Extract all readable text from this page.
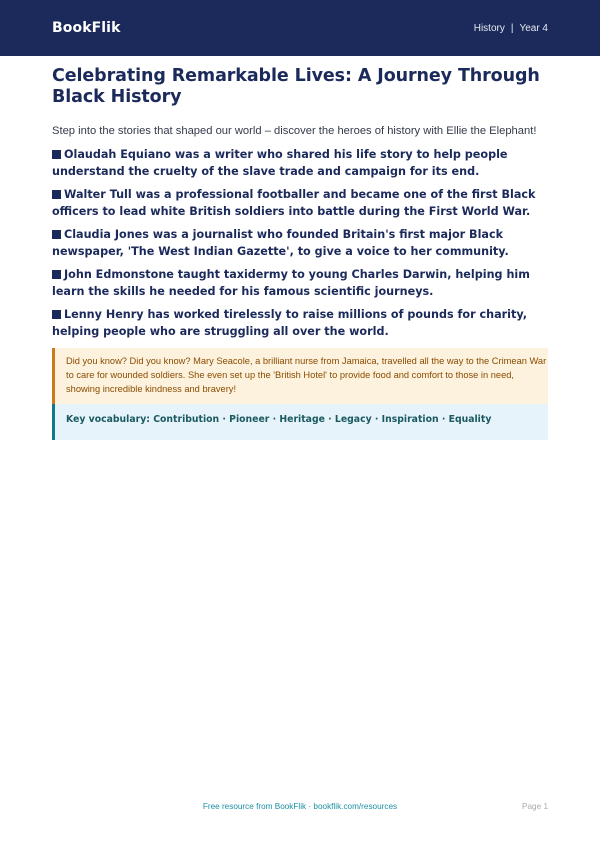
BookFlik	History | Year 4
Celebrating Remarkable Lives: A Journey Through Black History

Step into the stories that shaped our world – discover the heroes of history with Ellie the Elephant!

Olaudah Equiano was a writer who shared his life story to help people understand the cruelty of the slave trade and campaign for its end.
Walter Tull was a professional footballer and became one of the first Black officers to lead white British soldiers into battle during the First World War.
Claudia Jones was a journalist who founded Britain's first major Black newspaper, 'The West Indian Gazette', to give a voice to her community.
John Edmonstone taught taxidermy to young Charles Darwin, helping him learn the skills he needed for his famous scientific journeys.
Lenny Henry has worked tirelessly to raise millions of pounds for charity, helping people who are struggling all over the world.

Did you know? Did you know? Mary Seacole, a brilliant nurse from Jamaica, travelled all the way to the Crimean War to care for wounded soldiers. She even set up the 'British Hotel' to provide food and comfort to those in need, showing incredible kindness and bravery!

Key vocabulary: Contribution · Pioneer · Heritage · Legacy · Inspiration · Equality

Free resource from BookFlik · bookflik.com/resources	Page 1
